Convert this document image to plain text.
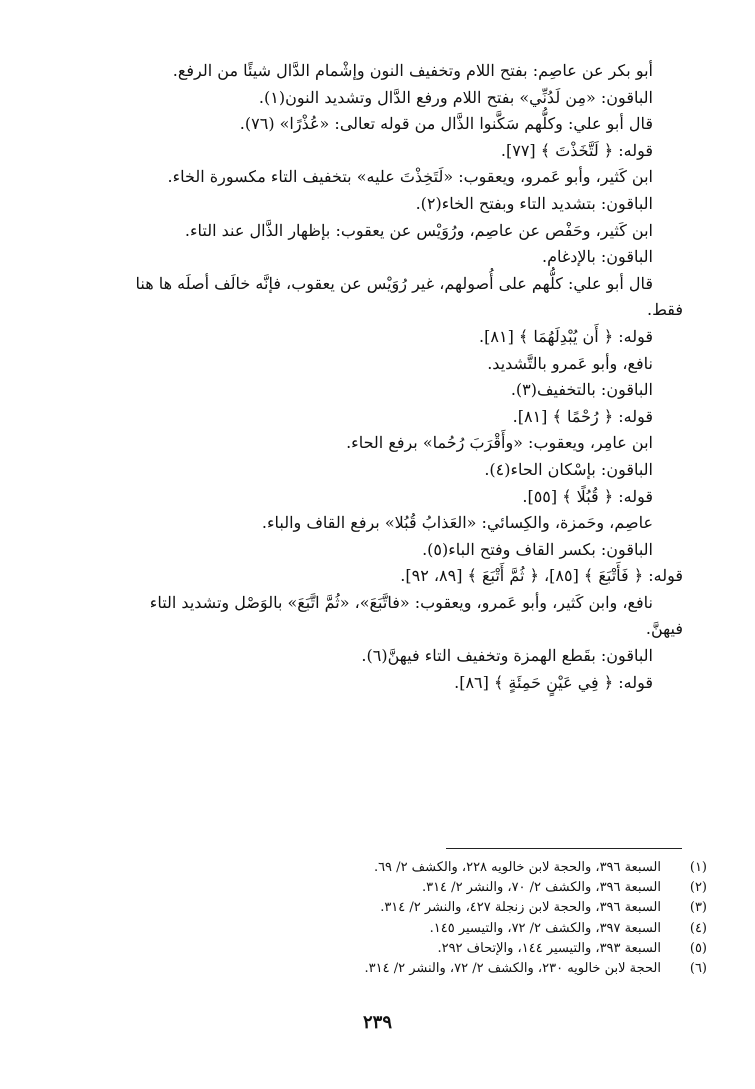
أبو بكر عن عاصِم: بفتح اللام وتخفيف النون وإشْمام الدَّال شيئًا من الرفع.

الباقون: «مِن لَدُنِّي» بفتح اللام ورفع الدَّال وتشديد النون(١).

قال أبو علي: وكلُّهم سَكَّنوا الذَّال من قوله تعالى: «عُذْرًا» (٧٦).

قوله: ﴿ لَتَّخَذْتَ ﴾ [٧٧].

ابن كَثير، وأبو عَمرو، ويعقوب: «لَتَخِذْتَ عليه» بتخفيف التاء مكسورة الخاء.

الباقون: بتشديد التاء وبفتح الخاء(٢).

ابن كَثير، وحَفْص عن عاصِم، ورُوَيْس عن يعقوب: بإظهار الذَّال عند التاء.

الباقون: بالإدغام.

قال أبو علي: كلُّهم على أُصولهم، غير رُوَيْس عن يعقوب، فإنَّه خالَف أصلَه ها هنا

فقط.

قوله: ﴿ أَن يُبْدِلَهُمَا ﴾ [٨١].

نافع، وأبو عَمرو بالتَّشديد.

الباقون: بالتخفيف(٣).

قوله: ﴿ رُحْمًا ﴾ [٨١].

ابن عامِر، ويعقوب: «وأَقْرَبَ رُحُما» برفع الحاء.

الباقون: بإسْكان الحاء(٤).

قوله: ﴿ قُبُلًا ﴾ [٥٥].

عاصِم، وحَمزة، والكِسائي: «العَذابُ قُبُلا» برفع القاف والباء.

الباقون: بكسر القاف وفتح الباء(٥).

قوله: ﴿ فَأَتْبَعَ ﴾ [٨٥]، ﴿ ثُمَّ أَتْبَعَ ﴾ [٨٩، ٩٢].

نافع، وابن كَثير، وأبو عَمرو، ويعقوب: «فاتَّبَعَ»، «ثُمَّ اتَّبَعَ» بالوَصْل وتشديد التاء

فيهنَّ.

الباقون: بقَطع الهمزة وتخفيف التاء فيهنَّ(٦).

قوله: ﴿ فِي عَيْنٍ حَمِئَةٍ ﴾ [٨٦].

(١)
السبعة ٣٩٦، والحجة لابن خالويه ٢٢٨، والكشف ٢/ ٦٩.
(٢)
السبعة ٣٩٦، والكشف ٢/ ٧٠، والنشر ٢/ ٣١٤.
(٣)
السبعة ٣٩٦، والحجة لابن زنجلة ٤٢٧، والنشر ٢/ ٣١٤.
(٤)
السبعة ٣٩٧، والكشف ٢/ ٧٢، والتيسير ١٤٥.
(٥)
السبعة ٣٩٣، والتيسير ١٤٤، والإتحاف ٢٩٢.
(٦)
الحجة لابن خالويه ٢٣٠، والكشف ٢/ ٧٢، والنشر ٢/ ٣١٤.
٢٣٩
